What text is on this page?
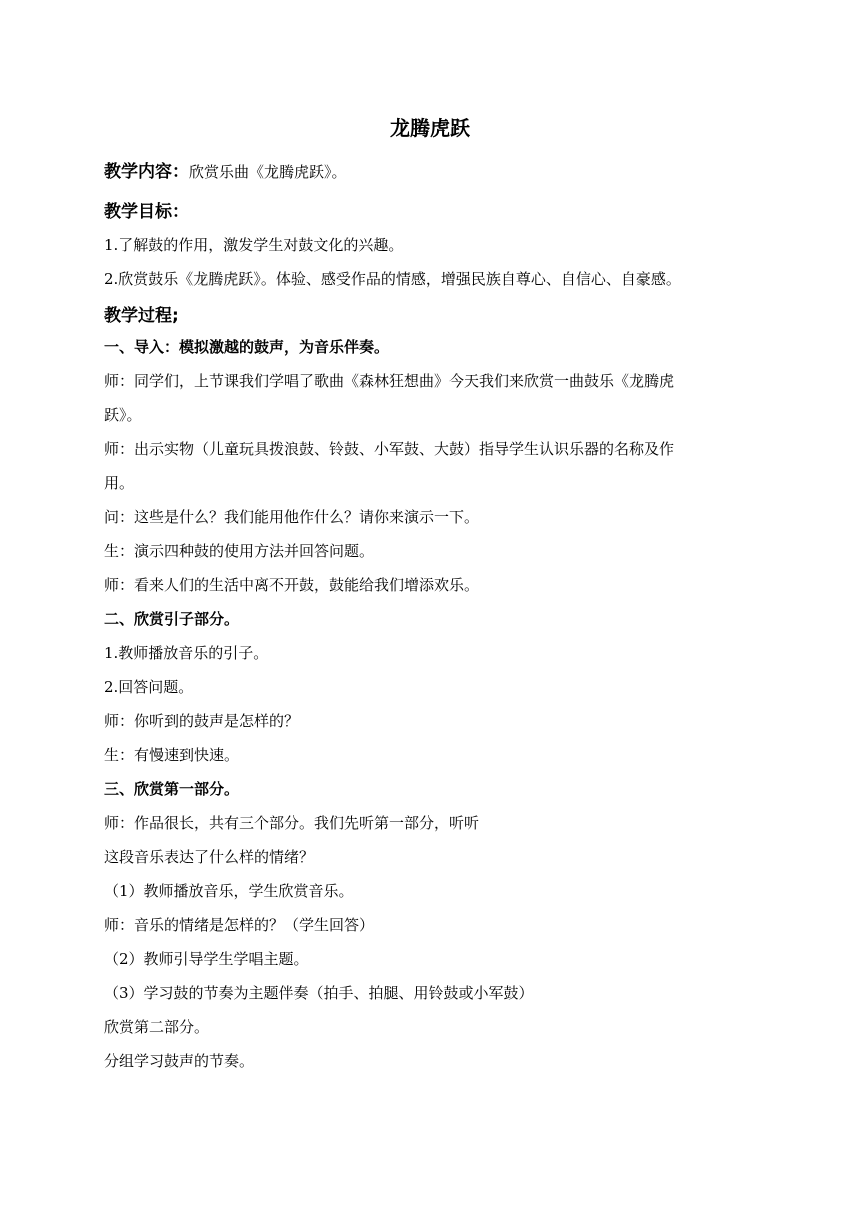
龙腾虎跃
教学内容：欣赏乐曲《龙腾虎跃》。
教学目标：
1.了解鼓的作用，激发学生对鼓文化的兴趣。
2.欣赏鼓乐《龙腾虎跃》。体验、感受作品的情感，增强民族自尊心、自信心、自豪感。
教学过程;
一、导入：模拟激越的鼓声，为音乐伴奏。
师：同学们，上节课我们学唱了歌曲《森林狂想曲》今天我们来欣赏一曲鼓乐《龙腾虎
跃》。
师：出示实物（儿童玩具拨浪鼓、铃鼓、小军鼓、大鼓）指导学生认识乐器的名称及作
用。
问：这些是什么？我们能用他作什么？请你来演示一下。
生：演示四种鼓的使用方法并回答问题。
师：看来人们的生活中离不开鼓，鼓能给我们增添欢乐。
二、欣赏引子部分。
1.教师播放音乐的引子。
2.回答问题。
师：你听到的鼓声是怎样的？
生：有慢速到快速。
三、欣赏第一部分。
师：作品很长，共有三个部分。我们先听第一部分，听听
这段音乐表达了什么样的情绪？
（1）教师播放音乐，学生欣赏音乐。
师：音乐的情绪是怎样的？（学生回答）
（2）教师引导学生学唱主题。
（3）学习鼓的节奏为主题伴奏（拍手、拍腿、用铃鼓或小军鼓）
欣赏第二部分。
分组学习鼓声的节奏。
